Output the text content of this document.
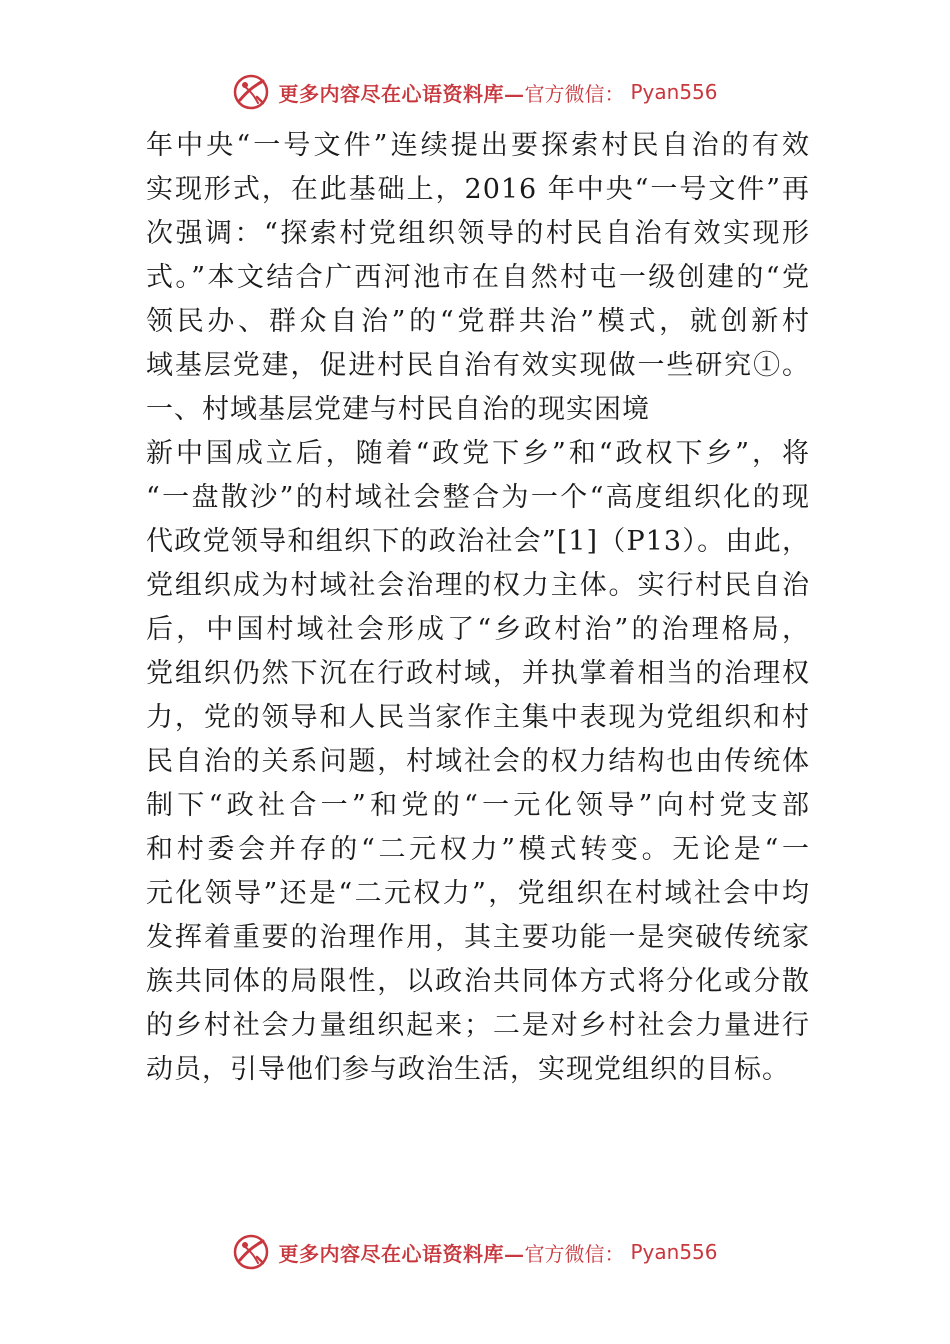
更多内容尽在心语资料库— 官方微信： Pyan556
年中央“一号文件”连续提出要探索村民自治的有效
实现形式，在此基础上，2016 年中央“一号文件”再
次强调：“探索村党组织领导的村民自治有效实现形
式。”本文结合广西河池市在自然村屯一级创建的“党
领民办、群众自治”的“党群共治”模式，就创新村
域基层党建，促进村民自治有效实现做一些研究①。
一、村域基层党建与村民自治的现实困境
新中国成立后，随着“政党下乡”和“政权下乡”，将
“一盘散沙”的村域社会整合为一个“高度组织化的现
代政党领导和组织下的政治社会”[1]（P13）。由此，
党组织成为村域社会治理的权力主体。实行村民自治
后，中国村域社会形成了“乡政村治”的治理格局，
党组织仍然下沉在行政村域，并执掌着相当的治理权
力，党的领导和人民当家作主集中表现为党组织和村
民自治的关系问题，村域社会的权力结构也由传统体
制下“政社合一”和党的“一元化领导”向村党支部
和村委会并存的“二元权力”模式转变。无论是“一
元化领导”还是“二元权力”，党组织在村域社会中均
发挥着重要的治理作用，其主要功能一是突破传统家
族共同体的局限性，以政治共同体方式将分化或分散
的乡村社会力量组织起来；二是对乡村社会力量进行
动员，引导他们参与政治生活，实现党组织的目标。
更多内容尽在心语资料库— 官方微信： Pyan556
